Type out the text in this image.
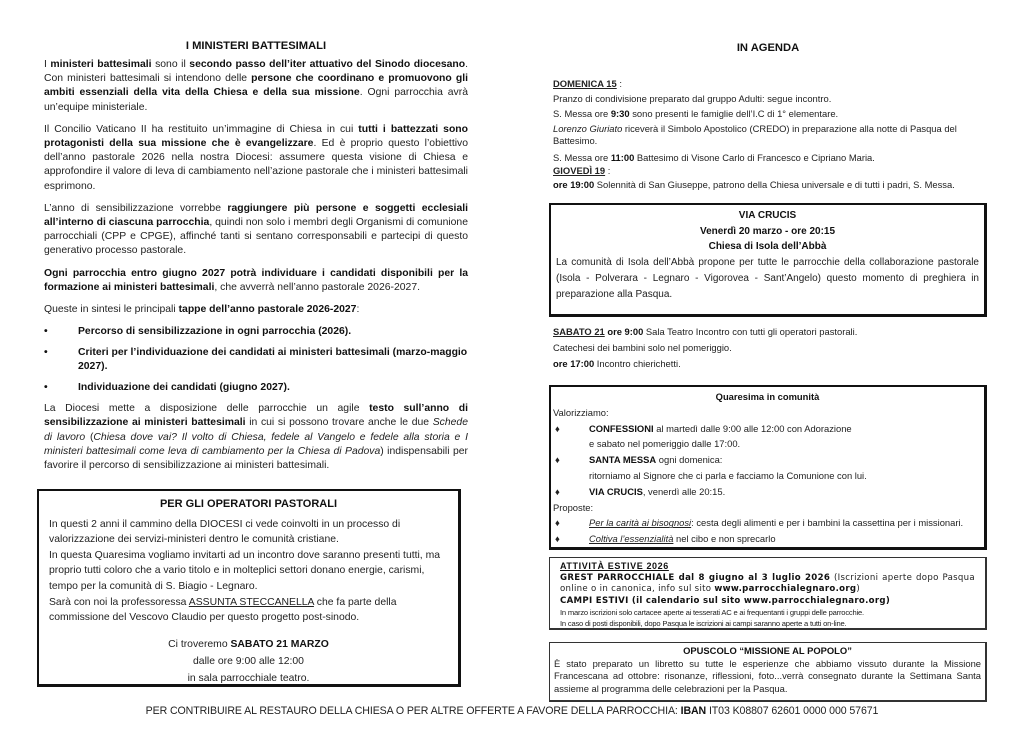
I MINISTERI BATTESIMALI

I ministeri battesimali sono il secondo passo dell’iter attuativo del Sinodo diocesano. Con ministeri battesimali si intendono delle persone che coordinano e promuovono gli ambiti essenziali della vita della Chiesa e della sua missione. Ogni parrocchia avrà un’equipe ministeriale.

Il Concilio Vaticano II ha restituito un’immagine di Chiesa in cui tutti i battezzati sono protagonisti della sua missione che è evangelizzare. Ed è proprio questo l’obiettivo dell’anno pastorale 2026 nella nostra Diocesi: assumere questa visione di Chiesa e approfondire il valore di leva di cambiamento nell’azione pastorale che i ministeri battesimali esprimono.

L’anno di sensibilizzazione vorrebbe raggiungere più persone e soggetti ecclesiali all’interno di ciascuna parrocchia, quindi non solo i membri degli Organismi di comunione parrocchiali (CPP e CPGE), affinché tanti si sentano corresponsabili e partecipi di questo generativo processo pastorale.

Ogni parrocchia entro giugno 2027 potrà individuare i candidati disponibili per la formazione ai ministeri battesimali, che avverrà nell’anno pastorale 2026-2027.

Queste in sintesi le principali tappe dell’anno pastorale 2026-2027:

•	Percorso di sensibilizzazione in ogni parrocchia (2026).
•	Criteri per l’individuazione dei candidati ai ministeri battesimali (marzo-maggio 2027).
•	Individuazione dei candidati (giugno 2027).

La Diocesi mette a disposizione delle parrocchie un agile testo sull’anno di sensibilizzazione ai ministeri battesimali in cui si possono trovare anche le due Schede di lavoro (Chiesa dove vai? Il volto di Chiesa, fedele al Vangelo e fedele alla storia e I ministeri battesimali come leva di cambiamento per la Chiesa di Padova) indispensabili per favorire il percorso di sensibilizzazione ai ministeri battesimali.

PER GLI OPERATORI PASTORALI

In questi 2 anni il cammino della DIOCESI ci vede coinvolti in un processo di valorizzazione dei servizi-ministeri dentro le comunità cristiane.

In questa Quaresima vogliamo invitarti ad un incontro dove saranno presenti tutti, ma proprio tutti coloro che a vario titolo e in molteplici settori donano energie, carismi, tempo per la comunità di S. Biagio - Legnaro.

Sarà con noi la professoressa ASSUNTA STECCANELLA che fa parte della commissione del Vescovo Claudio per questo progetto post-sinodo.

Ci troveremo SABATO 21 MARZO
dalle ore 9:00 alle 12:00
in sala parrocchiale teatro.
IN AGENDA
DOMENICA 15 :
Pranzo di condivisione preparato dal gruppo Adulti: segue incontro.
S. Messa ore 9:30 sono presenti le famiglie dell’I.C di 1° elementare.
Lorenzo Giuriato riceverà il Simbolo Apostolico (CREDO) in preparazione alla notte di Pasqua del Battesimo.
S. Messa ore 11:00 Battesimo di Visone Carlo di Francesco e Cipriano Maria.
GIOVEDÌ 19 :
ore 19:00 Solennità di San Giuseppe, patrono della Chiesa universale e di tutti i padri, S. Messa.
VIA CRUCIS
Venerdì 20 marzo - ore 20:15
Chiesa di Isola dell’Abbà
La comunità di Isola dell’Abbà propone per tutte le parrocchie della collaborazione pastorale (Isola - Polverara - Legnaro - Vigorovea - Sant’Angelo) questo momento di preghiera in preparazione alla Pasqua.
SABATO 21 ore 9:00 Sala Teatro Incontro con tutti gli operatori pastorali.
Catechesi dei bambini solo nel pomeriggio.
ore 17:00 Incontro chierichetti.
Quaresima in comunità
Valorizziamo:
♦	CONFESSIONI al martedì dalle 9:00 alle 12:00 con Adorazione
e sabato nel pomeriggio dalle 17:00.
♦	SANTA MESSA ogni domenica:
ritorniamo al Signore che ci parla e facciamo la Comunione con lui.
♦	VIA CRUCIS, venerdì alle 20:15.
Proposte:
♦	Per la carità ai bisognosi: cesta degli alimenti e per i bambini la cassettina per i missionari.
♦	Coltiva l’essenzialità nel cibo e non sprecarlo
ATTIVITÀ ESTIVE 2026
GREST PARROCCHIALE dal 8 giugno al 3 luglio 2026 (Iscrizioni aperte dopo Pasqua online o in canonica, info sul sito www.parrocchialegnaro.org)
CAMPI ESTIVI (il calendario sul sito www.parrocchialegnaro.org)
In marzo iscrizioni solo cartacee aperte ai tesserati AC e ai frequentanti i gruppi delle parrocchie.
In caso di posti disponibili, dopo Pasqua le iscrizioni ai campi saranno aperte a tutti on-line.
OPUSCOLO “MISSIONE AL POPOLO”
È stato preparato un libretto su tutte le esperienze che abbiamo vissuto durante la Missione Francescana ad ottobre: risonanze, riflessioni, foto...verrà consegnato durante la Settimana Santa assieme al programma delle celebrazioni per la Pasqua.
PER CONTRIBUIRE AL RESTAURO DELLA CHIESA O PER ALTRE OFFERTE A FAVORE DELLA PARROCCHIA: IBAN IT03 K08807 62601 0000 000 57671
